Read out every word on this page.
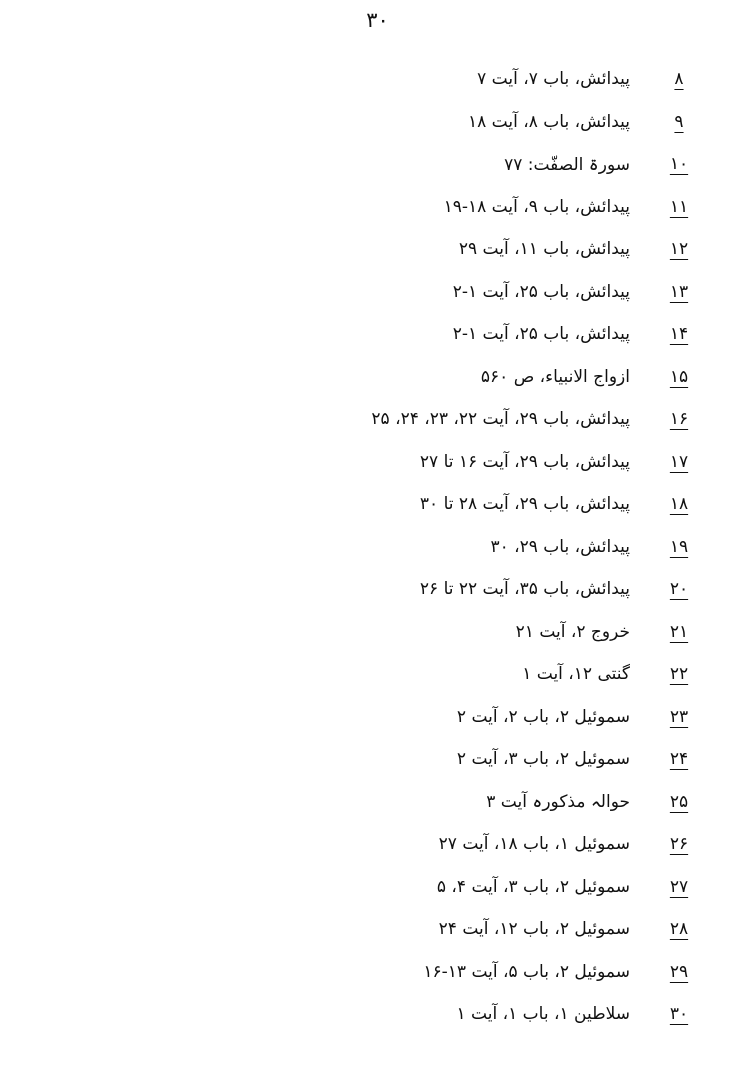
۳۰
۸
پیدائش، باب ۷، آیت ۷
۹
پیدائش، باب ۸، آیت ۱۸
۱۰
سورۃ الصفّت: ۷۷
۱۱
پیدائش، باب ۹، آیت ۱۸-۱۹
۱۲
پیدائش، باب ۱۱، آیت ۲۹
۱۳
پیدائش، باب ۲۵، آیت ۱-۲
۱۴
پیدائش، باب ۲۵، آیت ۱-۲
۱۵
ازواج الانبیاء، ص ۵۶۰
۱۶
پیدائش، باب ۲۹، آیت ۲۲، ۲۳، ۲۴، ۲۵
۱۷
پیدائش، باب ۲۹، آیت ۱۶ تا ۲۷
۱۸
پیدائش، باب ۲۹، آیت ۲۸ تا ۳۰
۱۹
پیدائش، باب ۲۹، ۳۰
۲۰
پیدائش، باب ۳۵، آیت ۲۲ تا ۲۶
۲۱
خروج ۲، آیت ۲۱
۲۲
گنتی ۱۲، آیت ۱
۲۳
سموئیل ۲، باب ۲، آیت ۲
۲۴
سموئیل ۲، باب ۳، آیت ۲
۲۵
حوالہ مذکورہ آیت ۳
۲۶
سموئیل ۱، باب ۱۸، آیت ۲۷
۲۷
سموئیل ۲، باب ۳، آیت ۴، ۵
۲۸
سموئیل ۲، باب ۱۲، آیت ۲۴
۲۹
سموئیل ۲، باب ۵، آیت ۱۳-۱۶
۳۰
سلاطین ۱، باب ۱، آیت ۱
